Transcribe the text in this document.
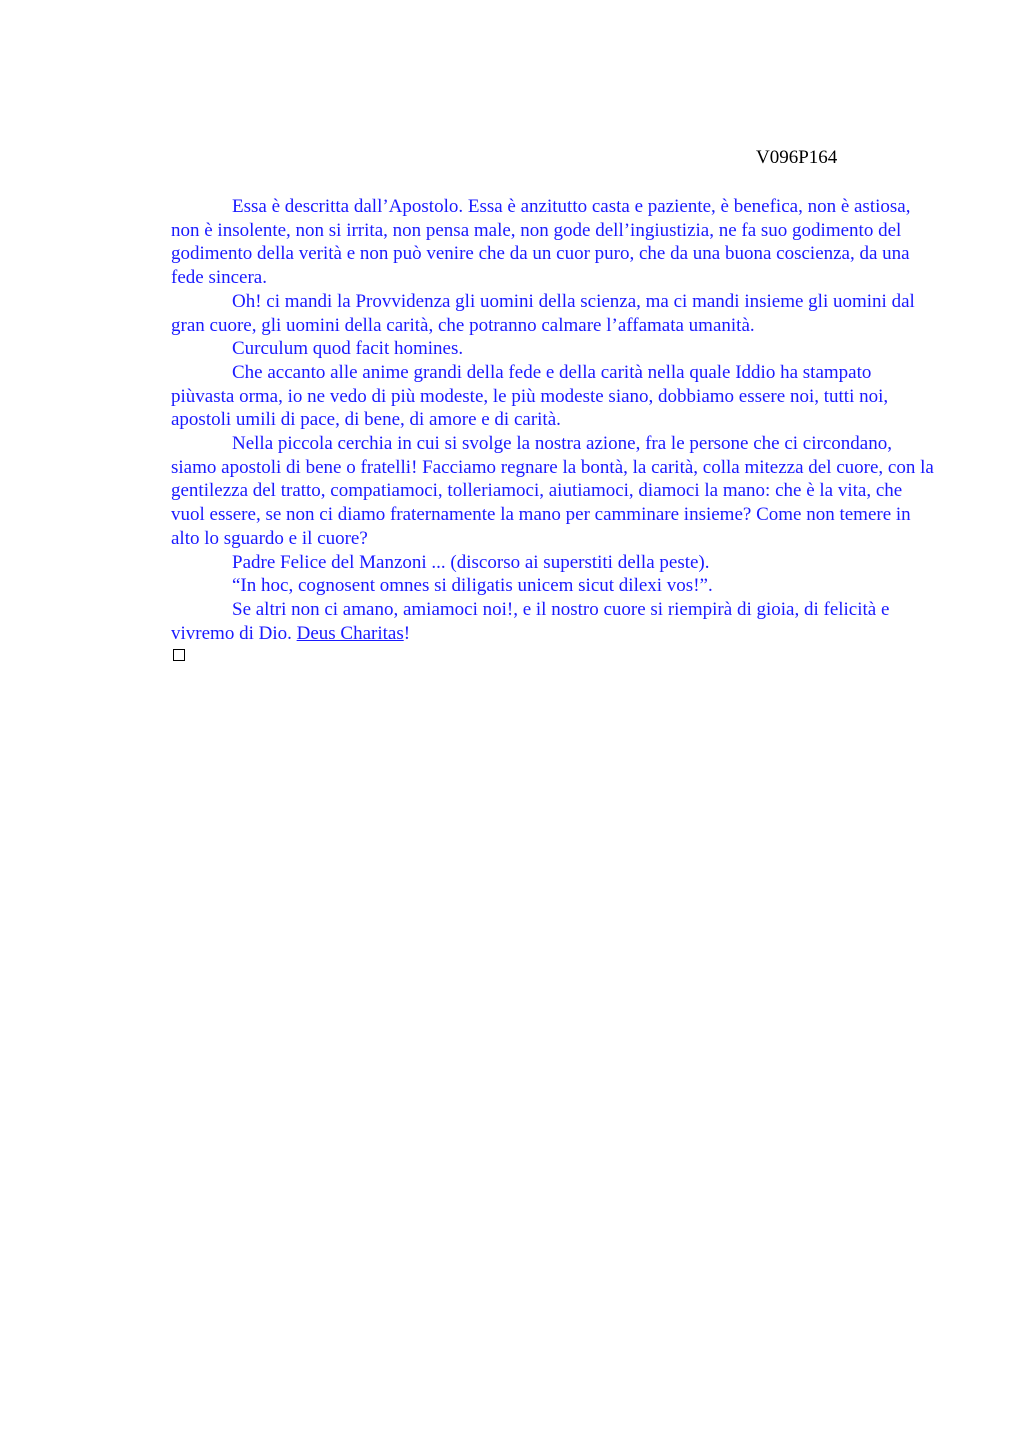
V096P164

Essa è descritta dall’Apostolo. Essa è anzitutto casta e paziente, è benefica, non è astiosa, non è insolente, non si irrita, non pensa male, non gode dell’ingiustizia, ne fa suo godimento del godimento della verità e non può venire che da un cuor puro, che da una buona coscienza, da una fede sincera.

Oh! ci mandi la Provvidenza gli uomini della scienza, ma ci mandi insieme gli uomini dal gran cuore, gli uomini della carità, che potranno calmare l’affamata umanità.

Curculum quod facit homines.

Che accanto alle anime grandi della fede e della carità nella quale Iddio ha stampato piùvasta orma, io ne vedo di più modeste, le più modeste siano, dobbiamo essere noi, tutti noi, apostoli umili di pace, di bene, di amore e di carità.

Nella piccola cerchia in cui si svolge la nostra azione, fra le persone che ci circondano, siamo apostoli di bene o fratelli! Facciamo regnare la bontà, la carità, colla mitezza del cuore, con la gentilezza del tratto, compatiamoci, tolleriamoci, aiutiamoci, diamoci la mano: che è la vita, che vuol essere, se non ci diamo fraternamente la mano per camminare insieme? Come non temere in alto lo sguardo e il cuore?

Padre Felice del Manzoni ... (discorso ai superstiti della peste).

“In hoc, cognosent omnes si diligatis unicem sicut dilexi vos!”.

Se altri non ci amano, amiamoci noi!, e il nostro cuore si riempirà di gioia, di felicità e vivremo di Dio. Deus Charitas!
